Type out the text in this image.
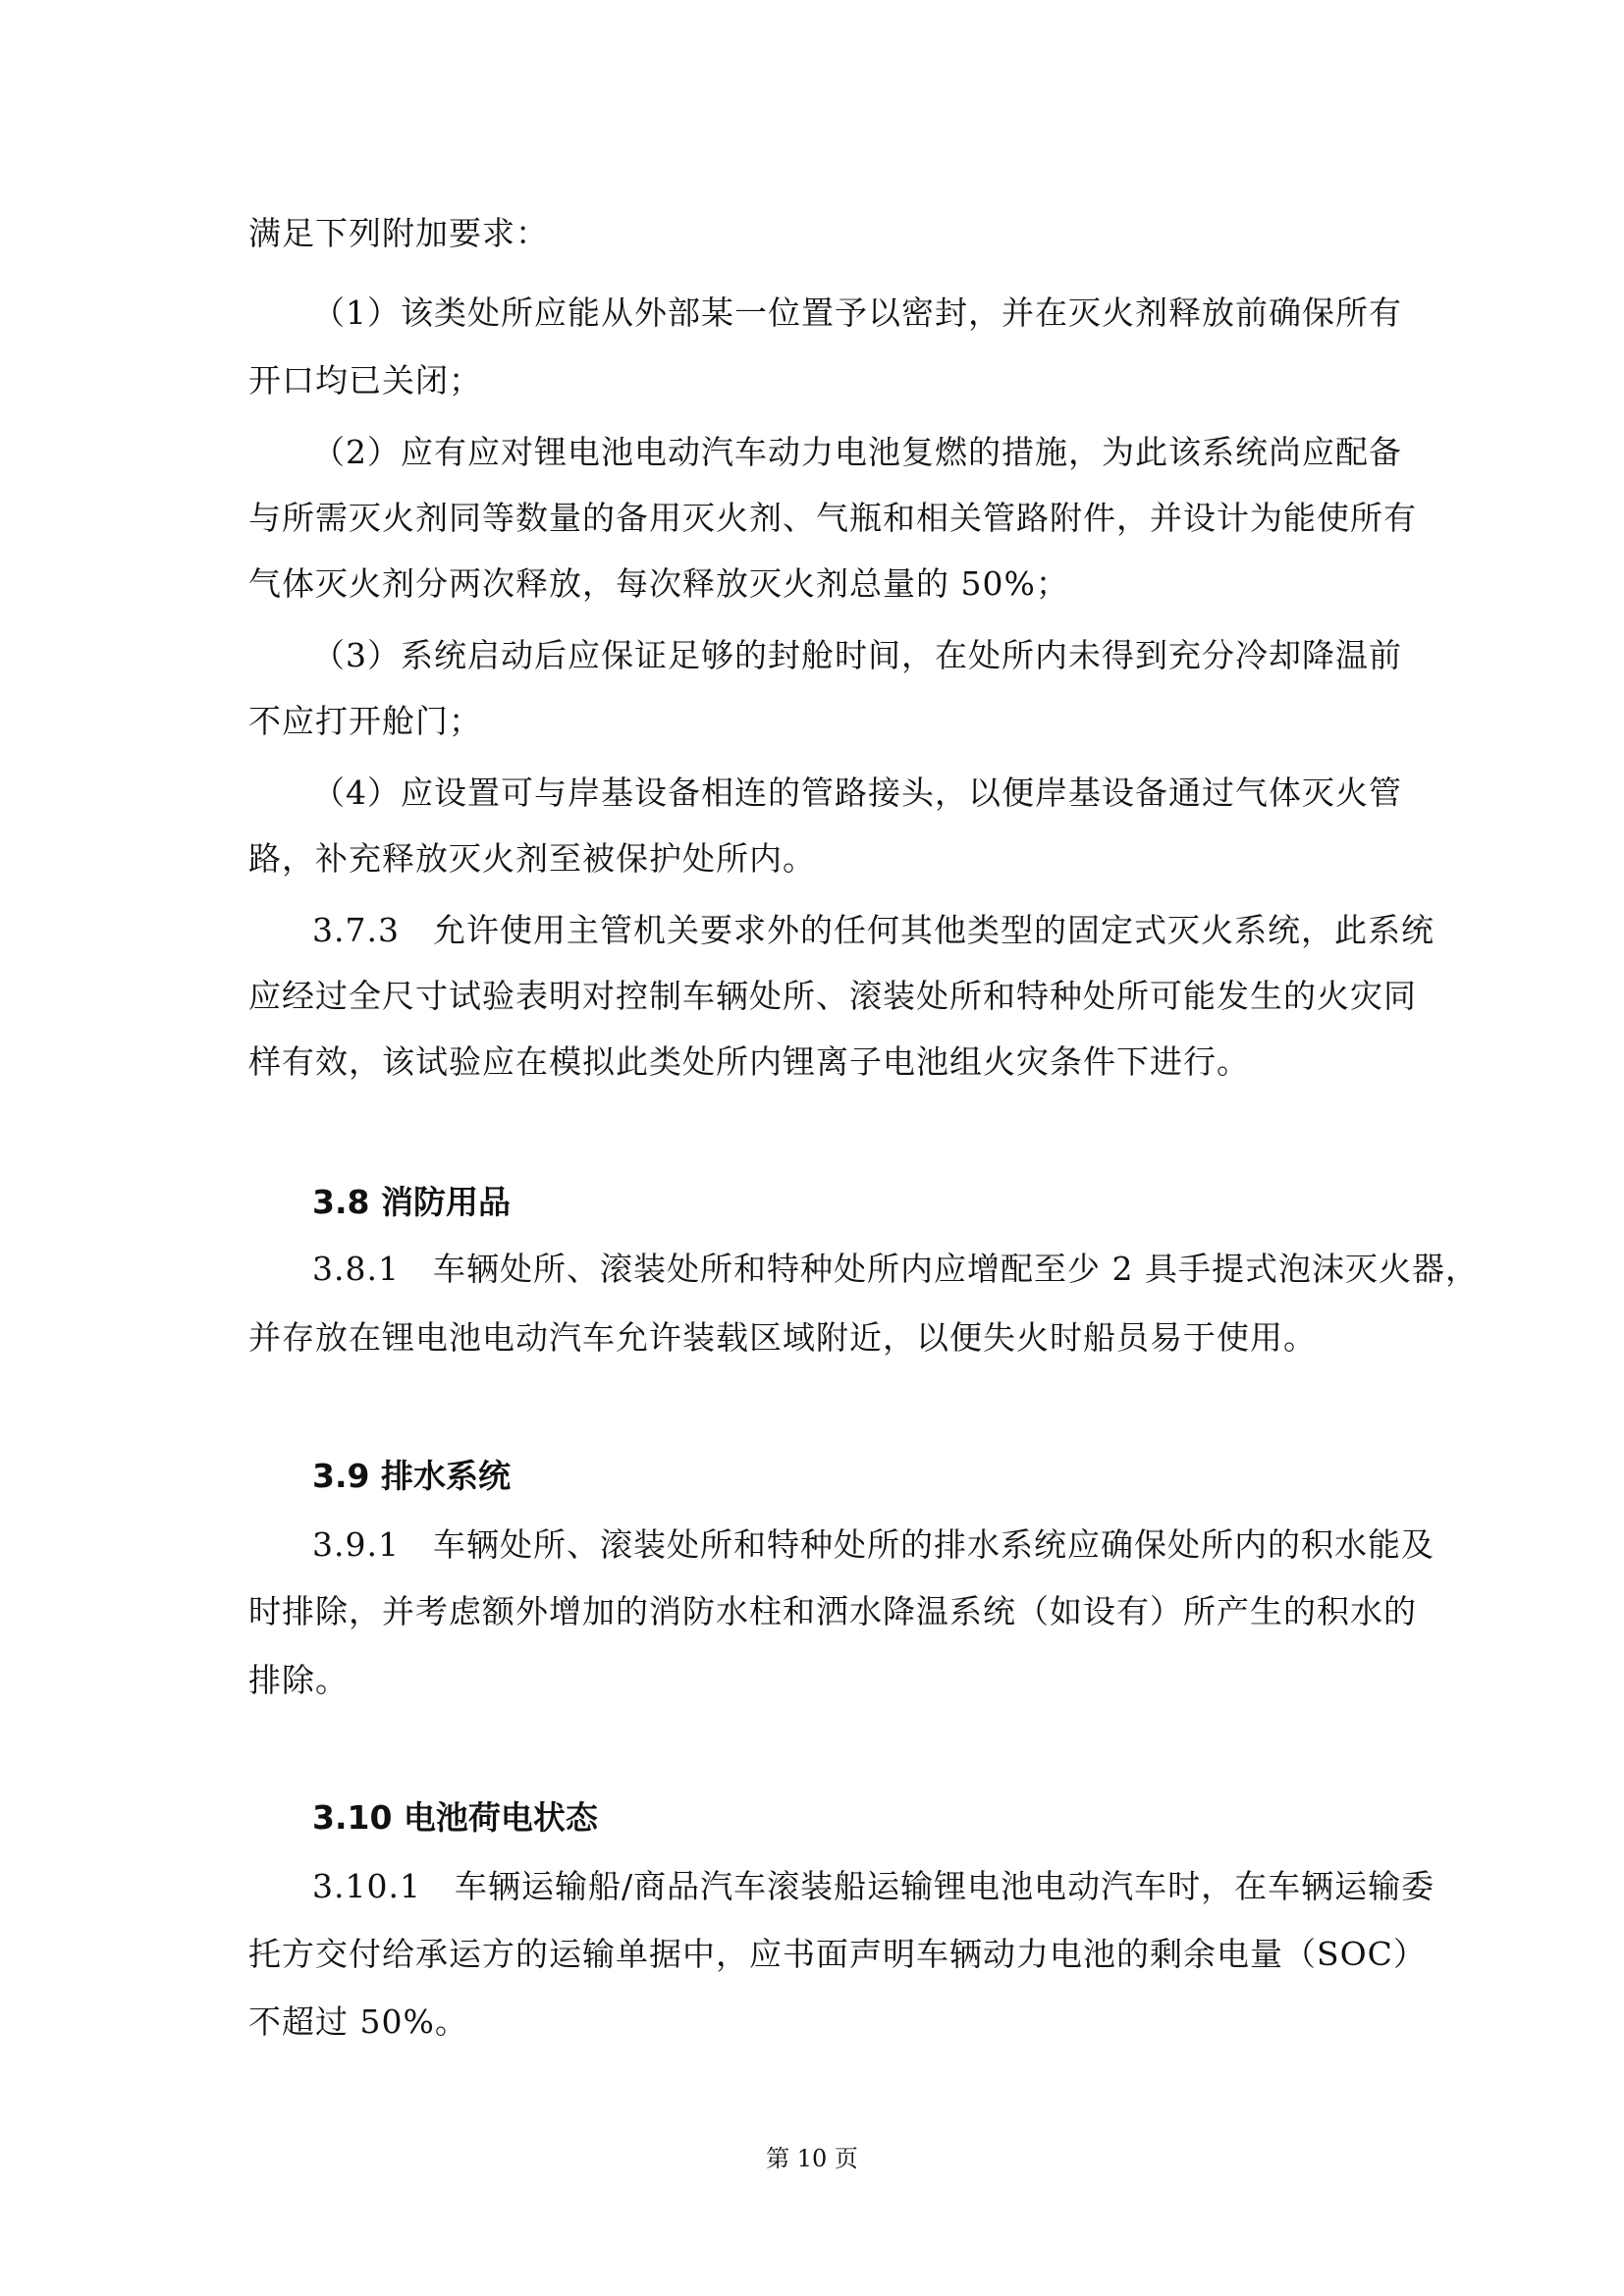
满足下列附加要求：
（1）该类处所应能从外部某一位置予以密封，并在灭火剂释放前确保所有
开口均已关闭；
（2）应有应对锂电池电动汽车动力电池复燃的措施，为此该系统尚应配备
与所需灭火剂同等数量的备用灭火剂、气瓶和相关管路附件，并设计为能使所有
气体灭火剂分两次释放，每次释放灭火剂总量的 50%；
（3）系统启动后应保证足够的封舱时间，在处所内未得到充分冷却降温前
不应打开舱门；
（4）应设置可与岸基设备相连的管路接头，以便岸基设备通过气体灭火管
路，补充释放灭火剂至被保护处所内。
3.7.3　允许使用主管机关要求外的任何其他类型的固定式灭火系统，此系统
应经过全尺寸试验表明对控制车辆处所、滚装处所和特种处所可能发生的火灾同
样有效，该试验应在模拟此类处所内锂离子电池组火灾条件下进行。
3.8 消防用品
3.8.1　车辆处所、滚装处所和特种处所内应增配至少 2 具手提式泡沫灭火器，
并存放在锂电池电动汽车允许装载区域附近，以便失火时船员易于使用。
3.9 排水系统
3.9.1　车辆处所、滚装处所和特种处所的排水系统应确保处所内的积水能及
时排除，并考虑额外增加的消防水柱和洒水降温系统（如设有）所产生的积水的
排除。
3.10 电池荷电状态
3.10.1　车辆运输船/商品汽车滚装船运输锂电池电动汽车时，在车辆运输委
托方交付给承运方的运输单据中，应书面声明车辆动力电池的剩余电量（SOC）
不超过 50%。
第 10 页
